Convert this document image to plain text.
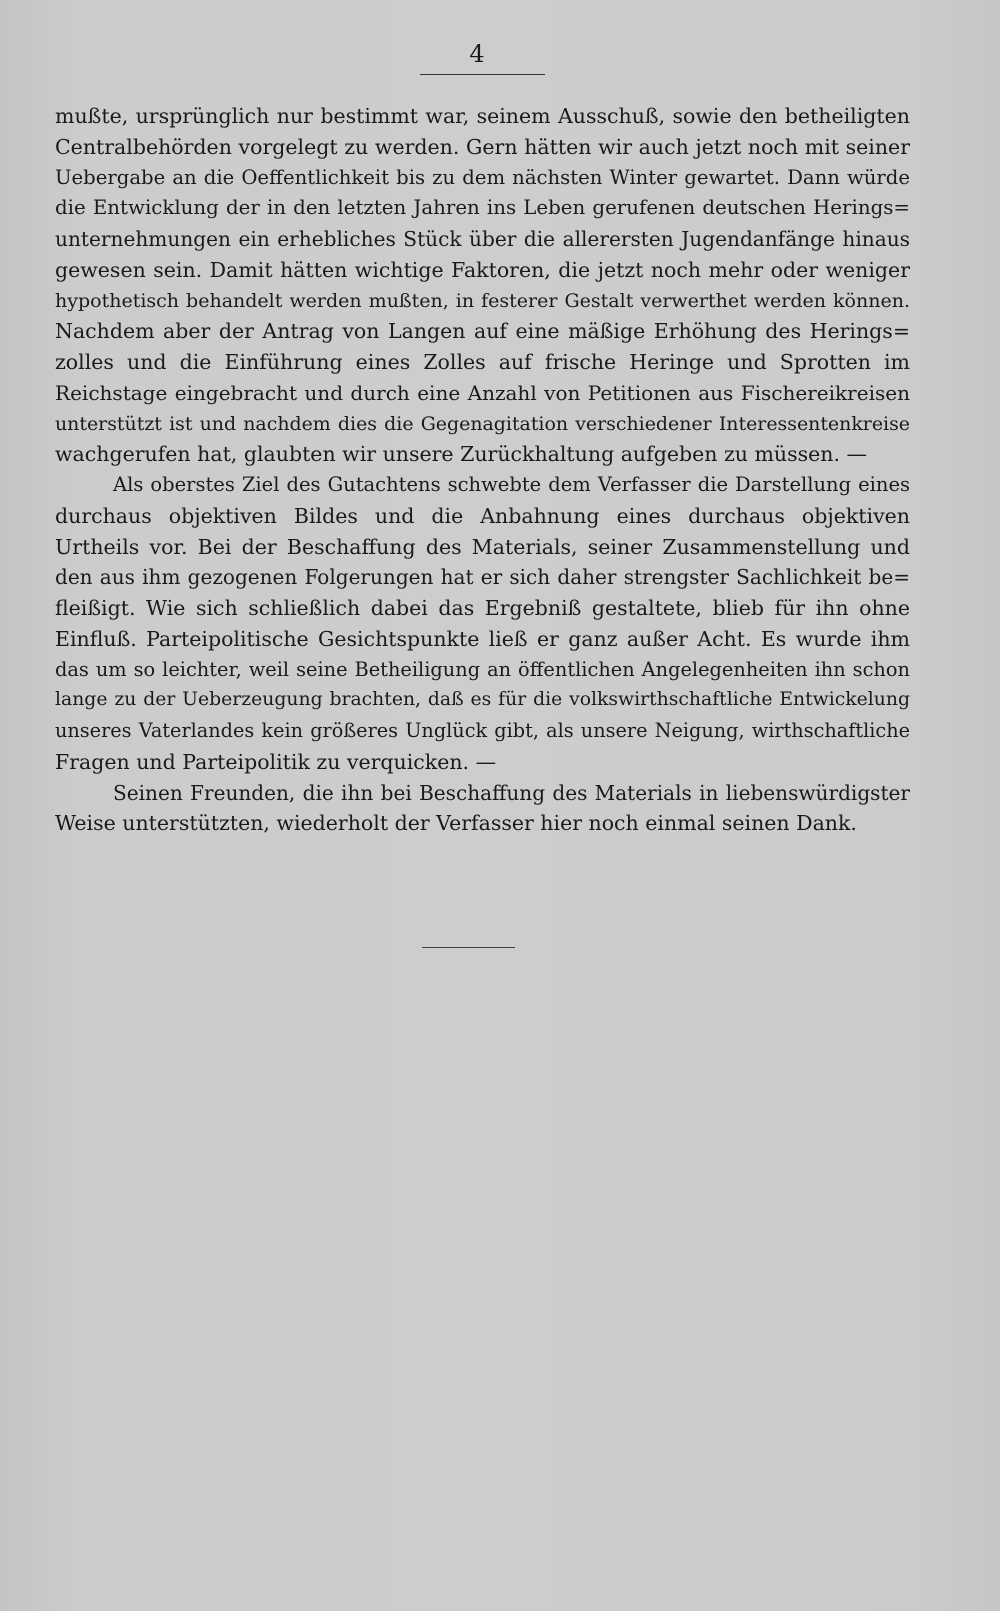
4
mußte, ursprünglich nur bestimmt war, seinem Ausschuß, sowie den betheiligten
Centralbehörden vorgelegt zu werden. Gern hätten wir auch jetzt noch mit seiner
Uebergabe an die Oeffentlichkeit bis zu dem nächsten Winter gewartet. Dann würde
die Entwicklung der in den letzten Jahren ins Leben gerufenen deutschen Herings=
unternehmungen ein erhebliches Stück über die allerersten Jugendanfänge hinaus
gewesen sein. Damit hätten wichtige Faktoren, die jetzt noch mehr oder weniger
hypothetisch behandelt werden mußten, in festerer Gestalt verwerthet werden können.
Nachdem aber der Antrag von Langen auf eine mäßige Erhöhung des Herings=
zolles und die Einführung eines Zolles auf frische Heringe und Sprotten im
Reichstage eingebracht und durch eine Anzahl von Petitionen aus Fischereikreisen
unterstützt ist und nachdem dies die Gegenagitation verschiedener Interessentenkreise
wachgerufen hat, glaubten wir unsere Zurückhaltung aufgeben zu müssen. —
Als oberstes Ziel des Gutachtens schwebte dem Verfasser die Darstellung eines
durchaus objektiven Bildes und die Anbahnung eines durchaus objektiven
Urtheils vor. Bei der Beschaffung des Materials, seiner Zusammenstellung und
den aus ihm gezogenen Folgerungen hat er sich daher strengster Sachlichkeit be=
fleißigt. Wie sich schließlich dabei das Ergebniß gestaltete, blieb für ihn ohne
Einfluß. Parteipolitische Gesichtspunkte ließ er ganz außer Acht. Es wurde ihm
das um so leichter, weil seine Betheiligung an öffentlichen Angelegenheiten ihn schon
lange zu der Ueberzeugung brachten, daß es für die volkswirthschaftliche Entwickelung
unseres Vaterlandes kein größeres Unglück gibt, als unsere Neigung, wirthschaftliche
Fragen und Parteipolitik zu verquicken. —
Seinen Freunden, die ihn bei Beschaffung des Materials in liebenswürdigster
Weise unterstützten, wiederholt der Verfasser hier noch einmal seinen Dank.
